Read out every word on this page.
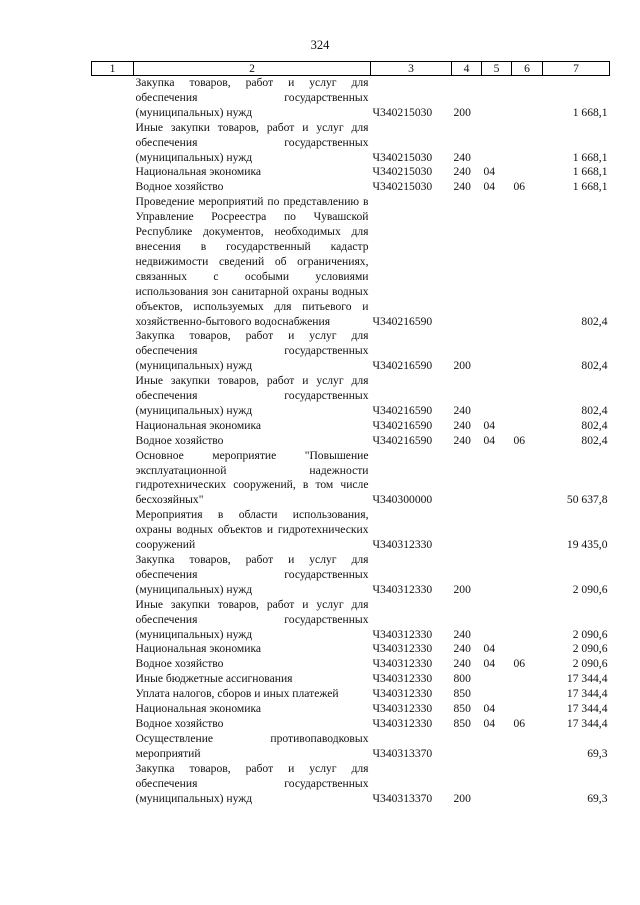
324
1	2	3	4	5	6	7
	Закупка товаров, работ и услуг для обеспечения государственных (муниципальных) нужд	Ч340215030	200			1 668,1
	Иные закупки товаров, работ и услуг для обеспечения государственных (муниципальных) нужд	Ч340215030	240			1 668,1
	Национальная экономика	Ч340215030	240	04		1 668,1
	Водное хозяйство	Ч340215030	240	04	06	1 668,1
	Проведение мероприятий по представлению в Управление Росреестра по Чувашской Республике документов, необходимых для внесения в государственный кадастр недвижимости сведений об ограничениях, связанных с особыми условиями использования зон санитарной охраны водных объектов, используемых для питьевого и хозяйственно-бытового водоснабжения	Ч340216590				802,4
	Закупка товаров, работ и услуг для обеспечения государственных (муниципальных) нужд	Ч340216590	200			802,4
	Иные закупки товаров, работ и услуг для обеспечения государственных (муниципальных) нужд	Ч340216590	240			802,4
	Национальная экономика	Ч340216590	240	04		802,4
	Водное хозяйство	Ч340216590	240	04	06	802,4
	Основное мероприятие "Повышение эксплуатационной надежности гидротехнических сооружений, в том числе бесхозяйных"	Ч340300000				50 637,8
	Мероприятия в области использования, охраны водных объектов и гидротехнических сооружений	Ч340312330				19 435,0
	Закупка товаров, работ и услуг для обеспечения государственных (муниципальных) нужд	Ч340312330	200			2 090,6
	Иные закупки товаров, работ и услуг для обеспечения государственных (муниципальных) нужд	Ч340312330	240			2 090,6
	Национальная экономика	Ч340312330	240	04		2 090,6
	Водное хозяйство	Ч340312330	240	04	06	2 090,6
	Иные бюджетные ассигнования	Ч340312330	800			17 344,4
	Уплата налогов, сборов и иных платежей	Ч340312330	850			17 344,4
	Национальная экономика	Ч340312330	850	04		17 344,4
	Водное хозяйство	Ч340312330	850	04	06	17 344,4
	Осуществление противопаводковых мероприятий	Ч340313370				69,3
	Закупка товаров, работ и услуг для обеспечения государственных (муниципальных) нужд	Ч340313370	200			69,3
